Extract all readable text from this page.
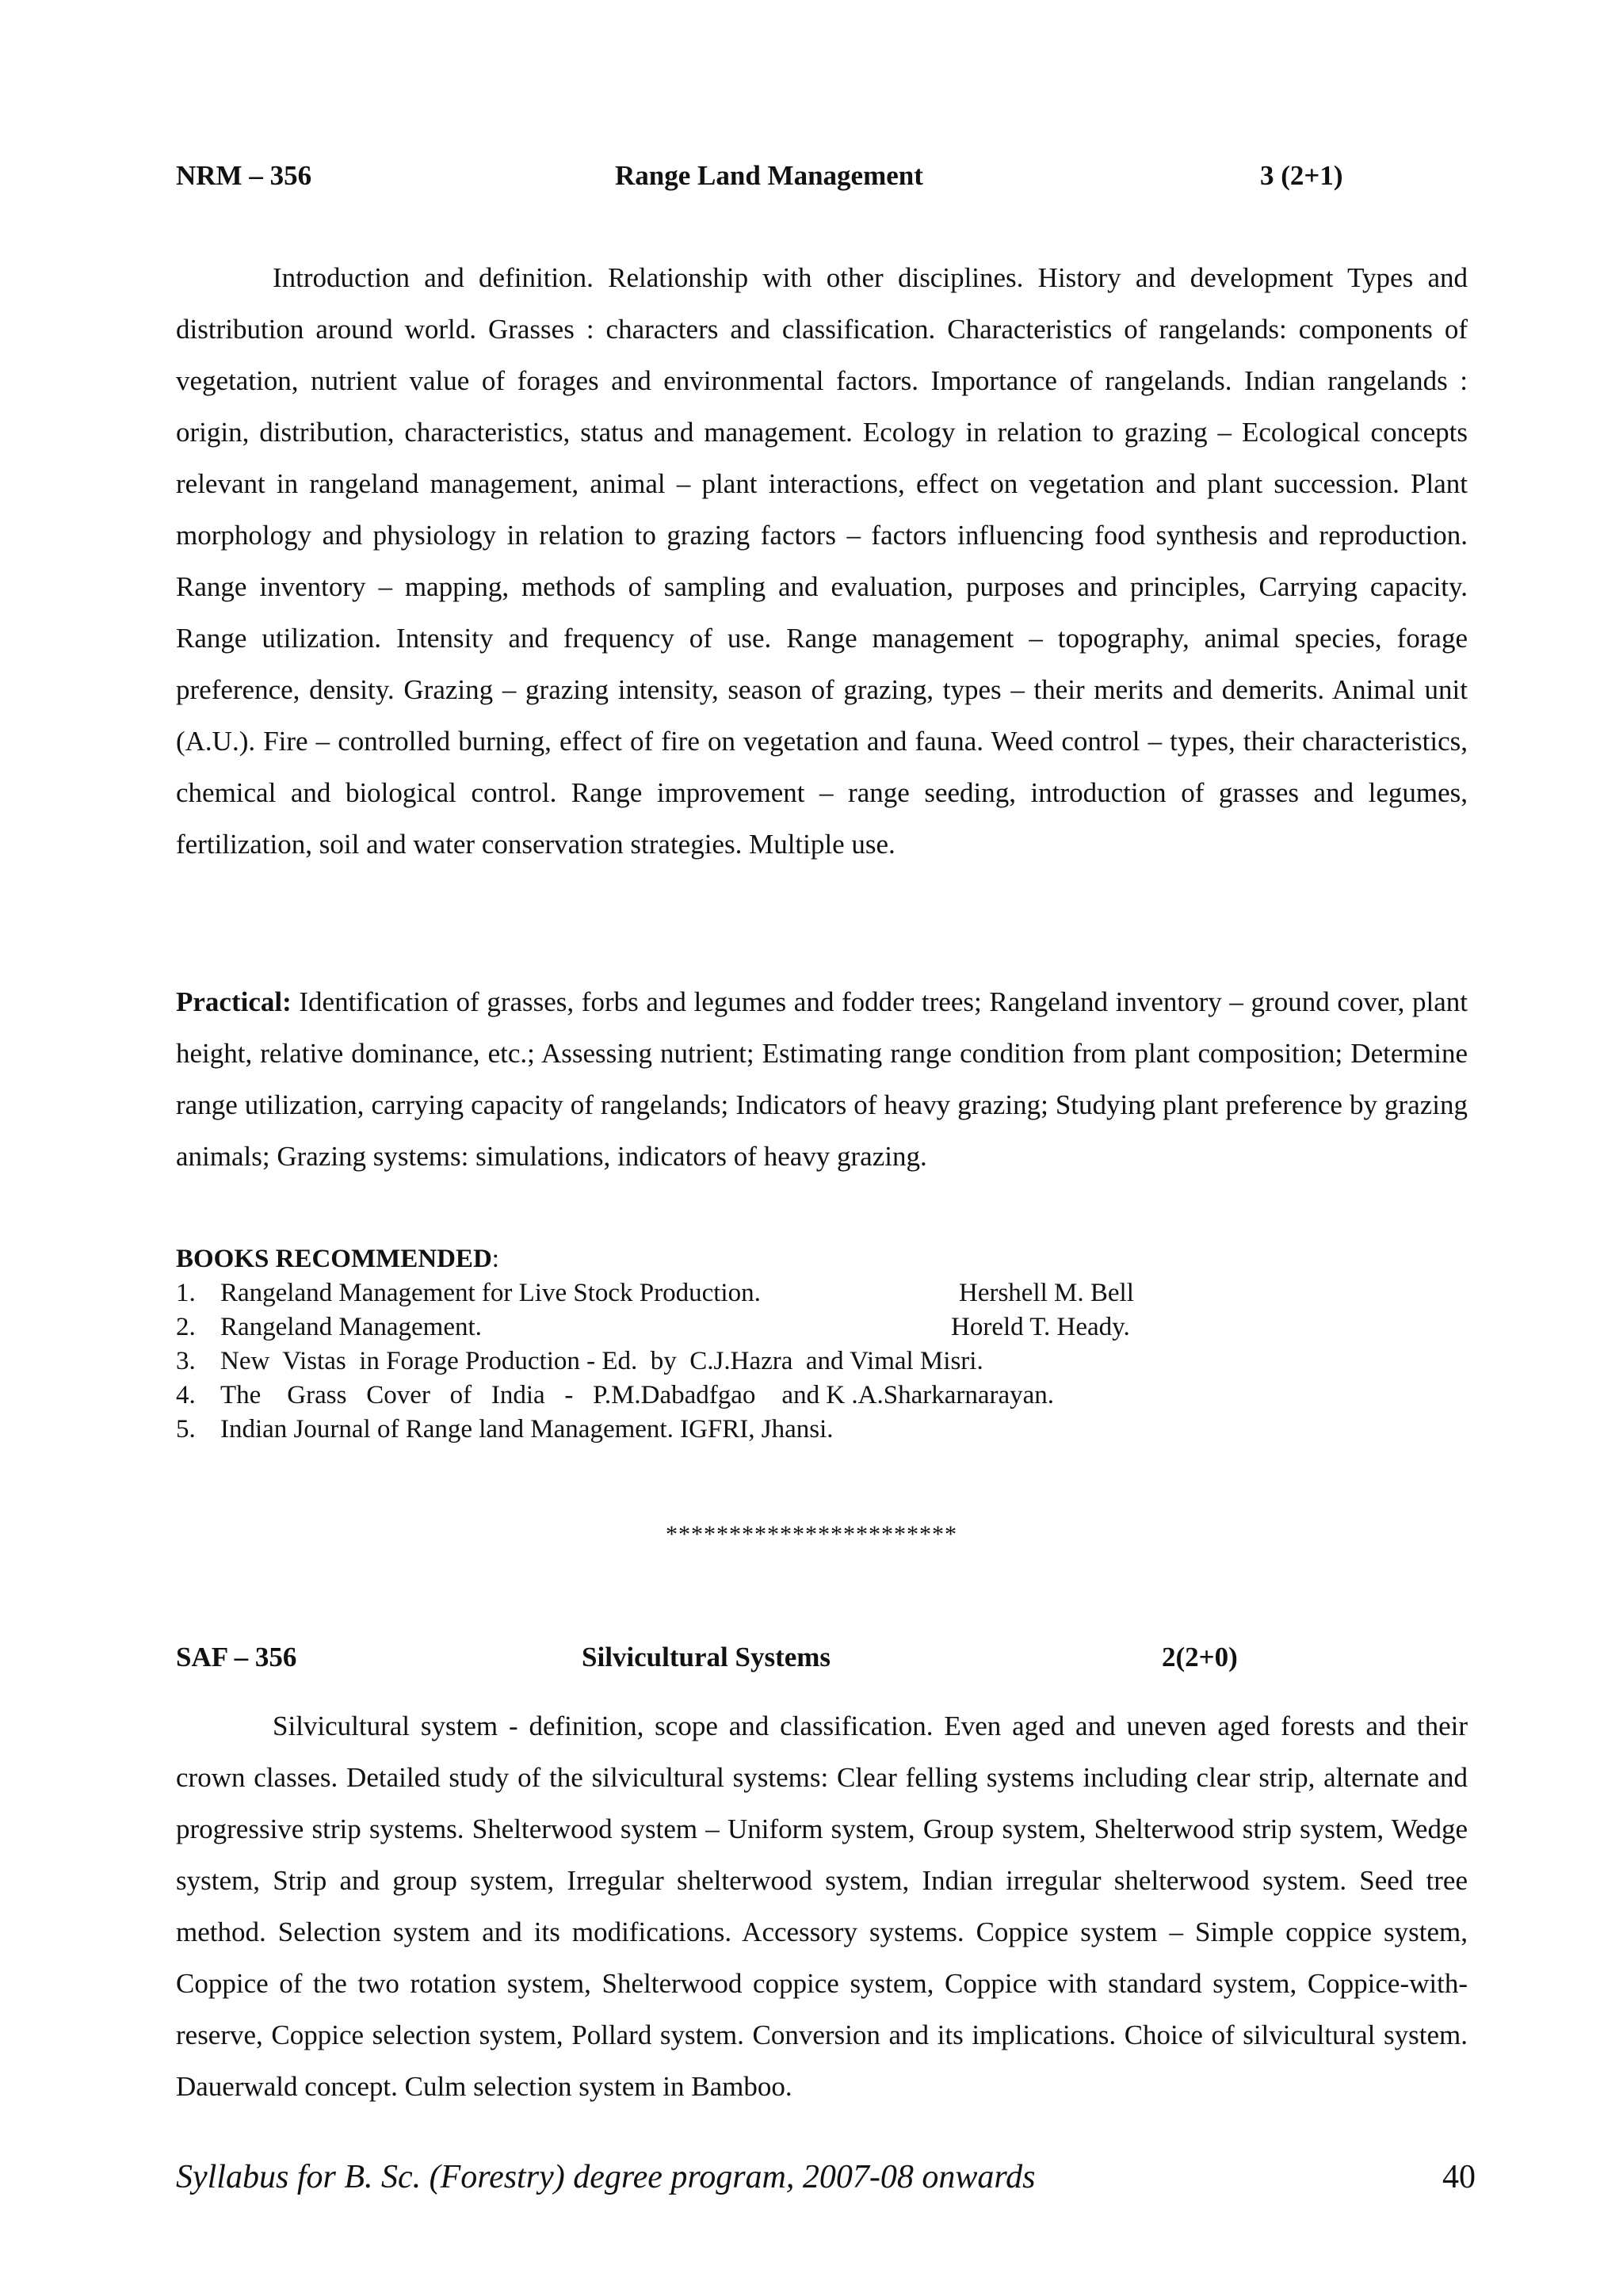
NRM – 356	Range Land Management	3 (2+1)

Introduction and definition. Relationship with other disciplines. History and development Types and distribution around world. Grasses : characters and classification. Characteristics of rangelands: components of vegetation, nutrient value of forages and environmental factors. Importance of rangelands. Indian rangelands : origin, distribution, characteristics, status and management. Ecology in relation to grazing – Ecological concepts relevant in rangeland management, animal – plant interactions, effect on vegetation and plant succession. Plant morphology and physiology in relation to grazing factors – factors influencing food synthesis and reproduction. Range inventory – mapping, methods of sampling and evaluation, purposes and principles, Carrying capacity. Range utilization. Intensity and frequency of use. Range management – topography, animal species, forage preference, density. Grazing – grazing intensity, season of grazing, types – their merits and demerits. Animal unit (A.U.). Fire – controlled burning, effect of fire on vegetation and fauna. Weed control – types, their characteristics, chemical and biological control. Range improvement – range seeding, introduction of grasses and legumes, fertilization, soil and water conservation strategies. Multiple use.

Practical: Identification of grasses, forbs and legumes and fodder trees; Rangeland inventory – ground cover, plant height, relative dominance, etc.; Assessing nutrient; Estimating range condition from plant composition; Determine range utilization, carrying capacity of rangelands; Indicators of heavy grazing; Studying plant preference by grazing animals; Grazing systems: simulations, indicators of heavy grazing.

BOOKS RECOMMENDED:
1. Rangeland Management for Live Stock Production.	Hershell M. Bell
2. Rangeland Management.	Horeld T. Heady.
3. New  Vistas  in Forage Production - Ed.  by  C.J.Hazra  and Vimal Misri.
4. The    Grass   Cover   of   India   -   P.M.Dabadfgao    and K .A.Sharkarnarayan.
5. Indian Journal of Range land Management. IGFRI, Jhansi.
***********************
SAF – 356	Silvicultural Systems	2(2+0)

Silvicultural system - definition, scope and classification. Even aged and uneven aged forests and their crown classes. Detailed study of the silvicultural systems: Clear felling systems including clear strip, alternate and progressive strip systems. Shelterwood system – Uniform system, Group system, Shelterwood strip system, Wedge system, Strip and group system, Irregular shelterwood system, Indian irregular shelterwood system. Seed tree method. Selection system and its modifications. Accessory systems. Coppice system – Simple coppice system, Coppice of the two rotation system, Shelterwood coppice system, Coppice with standard system, Coppice-with-reserve, Coppice selection system, Pollard system. Conversion and its implications. Choice of silvicultural system. Dauerwald concept. Culm selection system in Bamboo.

Syllabus for B. Sc. (Forestry) degree program, 2007-08 onwards	40
